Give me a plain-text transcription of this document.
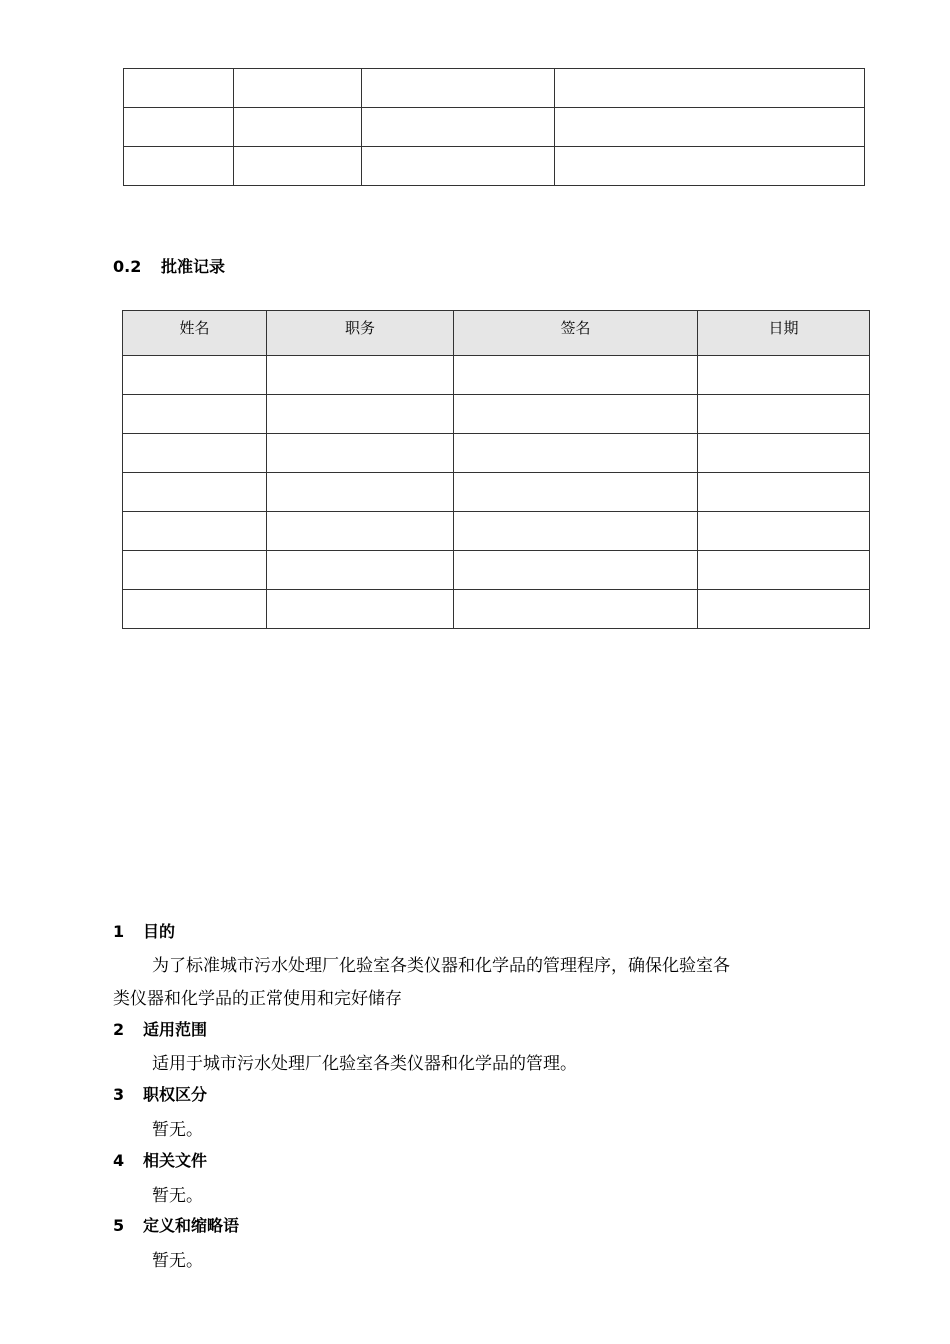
0.2 批准记录
姓名	职务	签名	日期

1 目的
为了标准城市污水处理厂化验室各类仪器和化学品的管理程序，确保化验室各
类仪器和化学品的正常使用和完好储存
2 适用范围
适用于城市污水处理厂化验室各类仪器和化学品的管理。
3 职权区分
暂无。
4 相关文件
暂无。
5 定义和缩略语
暂无。
